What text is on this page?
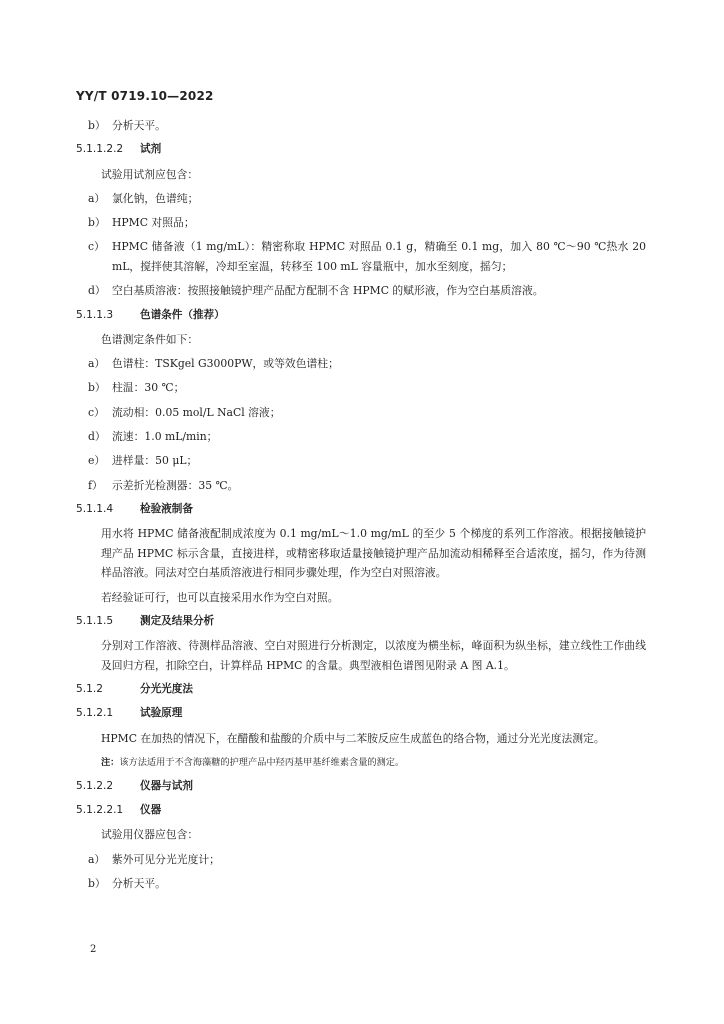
YY/T 0719.10—2022
b） 分析天平。
5.1.1.2.2 试剂
试验用试剂应包含：
a） 氯化钠，色谱纯；
b） HPMC 对照品；
c） HPMC 储备液（1 mg/mL）：精密称取 HPMC 对照品 0.1 g，精确至 0.1 mg，加入 80 ℃～90 ℃热水 20 mL，搅拌使其溶解，冷却至室温，转移至 100 mL 容量瓶中，加水至刻度，摇匀；
d） 空白基质溶液：按照接触镜护理产品配方配制不含 HPMC 的赋形液，作为空白基质溶液。
5.1.1.3	色谱条件（推荐）
色谱测定条件如下：
a） 色谱柱：TSKgel G3000PW，或等效色谱柱；
b） 柱温：30 ℃；
c） 流动相：0.05 mol/L NaCl 溶液；
d） 流速：1.0 mL/min；
e） 进样量：50 μL；
f） 示差折光检测器：35 ℃。
5.1.1.4	检验液制备
用水将 HPMC 储备液配制成浓度为 0.1 mg/mL～1.0 mg/mL 的至少 5 个梯度的系列工作溶液。根据接触镜护理产品 HPMC 标示含量，直接进样，或精密移取适量接触镜护理产品加流动相稀释至合适浓度，摇匀，作为待测样品溶液。同法对空白基质溶液进行相同步骤处理，作为空白对照溶液。
若经验证可行，也可以直接采用水作为空白对照。
5.1.1.5	测定及结果分析
分别对工作溶液、待测样品溶液、空白对照进行分析测定，以浓度为横坐标，峰面积为纵坐标，建立线性工作曲线及回归方程，扣除空白，计算样品 HPMC 的含量。典型液相色谱图见附录 A 图 A.1。
5.1.2	分光光度法
5.1.2.1	试验原理
HPMC 在加热的情况下，在醋酸和盐酸的介质中与二苯胺反应生成蓝色的络合物，通过分光光度法测定。
注：该方法适用于不含海藻糖的护理产品中羟丙基甲基纤维素含量的测定。
5.1.2.2	仪器与试剂
5.1.2.2.1 仪器
试验用仪器应包含：
a） 紫外可见分光光度计；
b） 分析天平。
2
